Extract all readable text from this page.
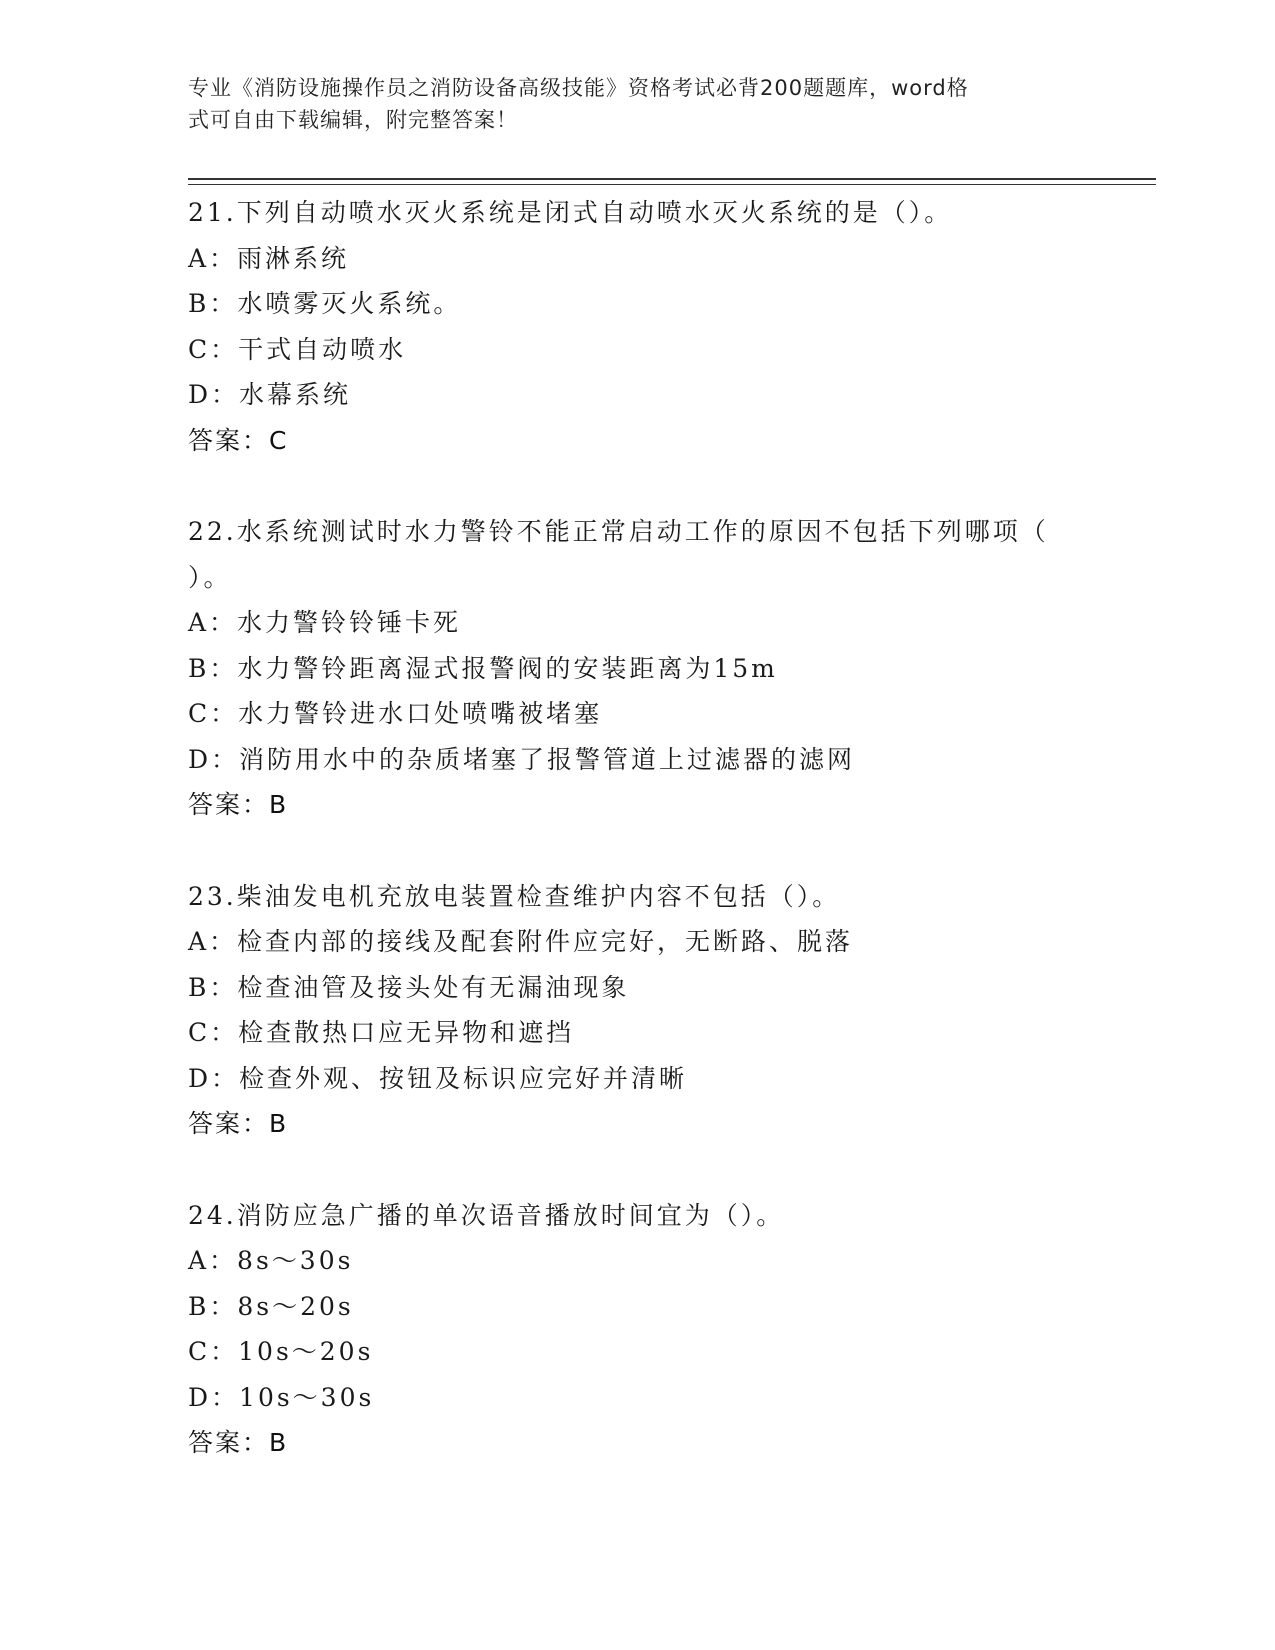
专业《消防设施操作员之消防设备高级技能》资格考试必背200题题库，word格
式可自由下载编辑，附完整答案！
21.下列自动喷水灭火系统是闭式自动喷水灭火系统的是（）。
A：雨淋系统
B：水喷雾灭火系统。
C：干式自动喷水
D：水幕系统
答案：C
22.水系统测试时水力警铃不能正常启动工作的原因不包括下列哪项（
）。
A：水力警铃铃锤卡死
B：水力警铃距离湿式报警阀的安装距离为15m
C：水力警铃进水口处喷嘴被堵塞
D：消防用水中的杂质堵塞了报警管道上过滤器的滤网
答案：B
23.柴油发电机充放电装置检查维护内容不包括（）。
A：检查内部的接线及配套附件应完好，无断路、脱落
B：检查油管及接头处有无漏油现象
C：检查散热口应无异物和遮挡
D：检查外观、按钮及标识应完好并清晰
答案：B
24.消防应急广播的单次语音播放时间宜为（）。
A：8s～30s
B：8s～20s
C：10s～20s
D：10s～30s
答案：B
